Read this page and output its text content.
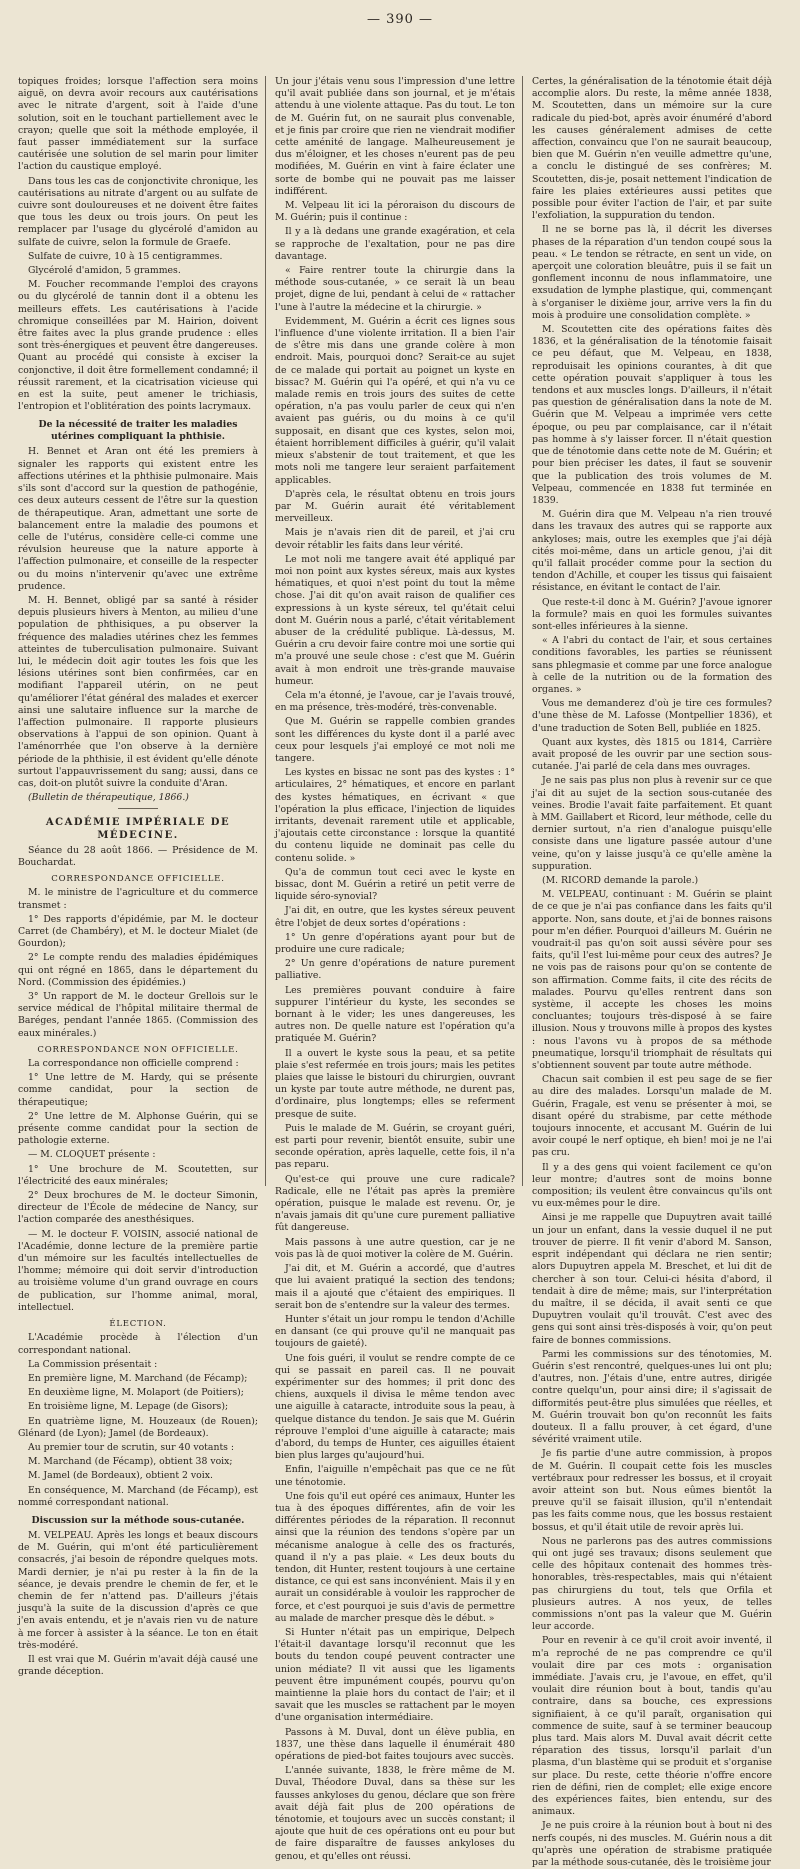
— 390 —

topiques froides; lorsque l'affection sera moins aiguë, on devra avoir recours aux cautérisations avec le nitrate d'argent, soit à l'aide d'une solution, soit en le touchant partiellement avec le crayon; quelle que soit la méthode employée, il faut passer immédiatement sur la surface cautérisée une solution de sel marin pour limiter l'action du caustique employé.

Dans tous les cas de conjonctivite chronique, les cautérisations au nitrate d'argent ou au sulfate de cuivre sont douloureuses et ne doivent être faites que tous les deux ou trois jours. On peut les remplacer par l'usage du glycérolé d'amidon au sulfate de cuivre, selon la formule de Graefe.

Sulfate de cuivre, 10 à 15 centigrammes.

Glycérolé d'amidon, 5 grammes.

M. Foucher recommande l'emploi des crayons ou du glycérolé de tannin dont il a obtenu les meilleurs effets. Les cautérisations à l'acide chromique conseillées par M. Hairion, doivent être faites avec la plus grande prudence : elles sont très-énergiques et peuvent être dangereuses. Quant au procédé qui consiste à exciser la conjonctive, il doit être formellement condamné; il réussit rarement, et la cicatrisation vicieuse qui en est la suite, peut amener le trichiasis, l'entropion et l'oblitération des points lacrymaux.

De la nécessité de traiter les maladies utérines compliquant la phthisie.

H. Bennet et Aran ont été les premiers à signaler les rapports qui existent entre les affections utérines et la phthisie pulmonaire. Mais s'ils sont d'accord sur la question de pathogénie, ces deux auteurs cessent de l'être sur la question de thérapeutique. Aran, admettant une sorte de balancement entre la maladie des poumons et celle de l'utérus, considère celle-ci comme une révulsion heureuse que la nature apporte à l'affection pulmonaire, et conseille de la respecter ou du moins n'intervenir qu'avec une extrême prudence.

M. H. Bennet, obligé par sa santé à résider depuis plusieurs hivers à Menton, au milieu d'une population de phthisiques, a pu observer la fréquence des maladies utérines chez les femmes atteintes de tuberculisation pulmonaire. Suivant lui, le médecin doit agir toutes les fois que les lésions utérines sont bien confirmées, car en modifiant l'appareil utérin, on ne peut qu'améliorer l'état général des malades et exercer ainsi une salutaire influence sur la marche de l'affection pulmonaire. Il rapporte plusieurs observations à l'appui de son opinion. Quant à l'aménorrhée que l'on observe à la dernière période de la phthisie, il est évident qu'elle dénote surtout l'appauvrissement du sang; aussi, dans ce cas, doit-on plutôt suivre la conduite d'Aran.

(Bulletin de thérapeutique, 1866.)

ACADÉMIE IMPÉRIALE DE MÉDECINE.

Séance du 28 août 1866. — Présidence de M. Bouchardat.

CORRESPONDANCE OFFICIELLE.

M. le ministre de l'agriculture et du commerce transmet :

1° Des rapports d'épidémie, par M. le docteur Carret (de Chambéry), et M. le docteur Mialet (de Gourdon);

2° Le compte rendu des maladies épidémiques qui ont régné en 1865, dans le département du Nord. (Commission des épidémies.)

3° Un rapport de M. le docteur Grellois sur le service médical de l'hôpital militaire thermal de Baréges, pendant l'année 1865. (Commission des eaux minérales.)

CORRESPONDANCE NON OFFICIELLE.

La correspondance non officielle comprend :

1° Une lettre de M. Hardy, qui se présente comme candidat, pour la section de thérapeutique;

2° Une lettre de M. Alphonse Guérin, qui se présente comme candidat pour la section de pathologie externe.

— M. CLOQUET présente :

1° Une brochure de M. Scoutetten, sur l'électricité des eaux minérales;

2° Deux brochures de M. le docteur Simonin, directeur de l'École de médecine de Nancy, sur l'action comparée des anesthésiques.

— M. le docteur F. VOISIN, associé national de l'Académie, donne lecture de la première partie d'un mémoire sur les facultés intellectuelles de l'homme; mémoire qui doit servir d'introduction au troisième volume d'un grand ouvrage en cours de publication, sur l'homme animal, moral, intellectuel.

ÉLECTION.

L'Académie procède à l'élection d'un correspondant national.

La Commission présentait :

En première ligne, M. Marchand (de Fécamp);

En deuxième ligne, M. Molaport (de Poitiers);

En troisième ligne, M. Lepage (de Gisors);

En quatrième ligne, M. Houzeaux (de Rouen); Glénard (de Lyon); Jamel (de Bordeaux).

Au premier tour de scrutin, sur 40 votants :

M. Marchand (de Fécamp), obtient 38 voix;

M. Jamel (de Bordeaux), obtient 2 voix.

En conséquence, M. Marchand (de Fécamp), est nommé correspondant national.

Discussion sur la méthode sous-cutanée.

M. VELPEAU. Après les longs et beaux discours de M. Guérin, qui m'ont été particulièrement consacrés, j'ai besoin de répondre quelques mots. Mardi dernier, je n'ai pu rester à la fin de la séance, je devais prendre le chemin de fer, et le chemin de fer n'attend pas. D'ailleurs j'étais jusqu'à la suite de la discussion d'après ce que j'en avais entendu, et je n'avais rien vu de nature à me forcer à assister à la séance. Le ton en était très-modéré.

Il est vrai que M. Guérin m'avait déjà causé une grande déception.

Un jour j'étais venu sous l'impression d'une lettre qu'il avait publiée dans son journal, et je m'étais attendu à une violente attaque. Pas du tout. Le ton de M. Guérin fut, on ne saurait plus convenable, et je finis par croire que rien ne viendrait modifier cette aménité de langage. Malheureusement je dus m'éloigner, et les choses n'eurent pas de peu modifiées, M. Guérin en vint à faire éclater une sorte de bombe qui ne pouvait pas me laisser indifférent.

M. Velpeau lit ici la péroraison du discours de M. Guérin; puis il continue :

Il y a là dedans une grande exagération, et cela se rapproche de l'exaltation, pour ne pas dire davantage.

« Faire rentrer toute la chirurgie dans la méthode sous-cutanée, » ce serait là un beau projet, digne de lui, pendant à celui de « rattacher l'une à l'autre la médecine et la chirurgie. »

Evidemment, M. Guérin a écrit ces lignes sous l'influence d'une violente irritation. Il a bien l'air de s'être mis dans une grande colère à mon endroit. Mais, pourquoi donc? Serait-ce au sujet de ce malade qui portait au poignet un kyste en bissac? M. Guérin qui l'a opéré, et qui n'a vu ce malade remis en trois jours des suites de cette opération, n'a pas voulu parler de ceux qui n'en avaient pas guéris, ou du moins à ce qu'il supposait, en disant que ces kystes, selon moi, étaient horriblement difficiles à guérir, qu'il valait mieux s'abstenir de tout traitement, et que les mots noli me tangere leur seraient parfaitement applicables.

D'après cela, le résultat obtenu en trois jours par M. Guérin aurait été véritablement merveilleux.

Mais je n'avais rien dit de pareil, et j'ai cru devoir rétablir les faits dans leur vérité.

Le mot noli me tangere avait été appliqué par moi non point aux kystes séreux, mais aux kystes hématiques, et quoi n'est point du tout la même chose. J'ai dit qu'on avait raison de qualifier ces expressions à un kyste séreux, tel qu'était celui dont M. Guérin nous a parlé, c'était véritablement abuser de la crédulité publique. Là-dessus, M. Guérin a cru devoir faire contre moi une sortie qui m'a prouvé une seule chose : c'est que M. Guérin avait à mon endroit une très-grande mauvaise humeur.

Cela m'a étonné, je l'avoue, car je l'avais trouvé, en ma présence, très-modéré, très-convenable.

Que M. Guérin se rappelle combien grandes sont les différences du kyste dont il a parlé avec ceux pour lesquels j'ai employé ce mot noli me tangere.

Les kystes en bissac ne sont pas des kystes : 1° articulaires, 2° hématiques, et encore en parlant des kystes hématiques, en écrivant « que l'opération la plus efficace, l'injection de liquides irritants, devenait rarement utile et applicable, j'ajoutais cette circonstance : lorsque la quantité du contenu liquide ne dominait pas celle du contenu solide. »

Qu'a de commun tout ceci avec le kyste en bissac, dont M. Guérin a retiré un petit verre de liquide séro-synovial?

J'ai dit, en outre, que les kystes séreux peuvent être l'objet de deux sortes d'opérations :

1° Un genre d'opérations ayant pour but de produire une cure radicale;

2° Un genre d'opérations de nature purement palliative.

Les premières pouvant conduire à faire suppurer l'intérieur du kyste, les secondes se bornant à le vider; les unes dangereuses, les autres non. De quelle nature est l'opération qu'a pratiquée M. Guérin?

Il a ouvert le kyste sous la peau, et sa petite plaie s'est refermée en trois jours; mais les petites plaies que laisse le bistouri du chirurgien, ouvrant un kyste par toute autre méthode, ne durent pas, d'ordinaire, plus longtemps; elles se referment presque de suite.

Puis le malade de M. Guérin, se croyant guéri, est parti pour revenir, bientôt ensuite, subir une seconde opération, après laquelle, cette fois, il n'a pas reparu.

Qu'est-ce qui prouve une cure radicale? Radicale, elle ne l'était pas après la première opération, puisque le malade est revenu. Or, je n'avais jamais dit qu'une cure purement palliative fût dangereuse.

Mais passons à une autre question, car je ne vois pas là de quoi motiver la colère de M. Guérin.

J'ai dit, et M. Guérin a accordé, que d'autres que lui avaient pratiqué la section des tendons; mais il a ajouté que c'étaient des empiriques. Il serait bon de s'entendre sur la valeur des termes.

Hunter s'était un jour rompu le tendon d'Achille en dansant (ce qui prouve qu'il ne manquait pas toujours de gaieté).

Une fois guéri, il voulut se rendre compte de ce qui se passait en pareil cas. Il ne pouvait expérimenter sur des hommes; il prit donc des chiens, auxquels il divisa le même tendon avec une aiguille à cataracte, introduite sous la peau, à quelque distance du tendon. Je sais que M. Guérin réprouve l'emploi d'une aiguille à cataracte; mais d'abord, du temps de Hunter, ces aiguilles étaient bien plus larges qu'aujourd'hui.

Enfin, l'aiguille n'empêchait pas que ce ne fût une ténotomie.

Une fois qu'il eut opéré ces animaux, Hunter les tua à des époques différentes, afin de voir les différentes périodes de la réparation. Il reconnut ainsi que la réunion des tendons s'opère par un mécanisme analogue à celle des os fracturés, quand il n'y a pas plaie. « Les deux bouts du tendon, dit Hunter, restent toujours à une certaine distance, ce qui est sans inconvénient. Mais il y en aurait un considérable à vouloir les rapprocher de force, et c'est pourquoi je suis d'avis de permettre au malade de marcher presque dès le début. »

Si Hunter n'était pas un empirique, Delpech l'était-il davantage lorsqu'il reconnut que les bouts du tendon coupé peuvent contracter une union médiate? Il vit aussi que les ligaments peuvent être impunément coupés, pourvu qu'on maintienne la plaie hors du contact de l'air; et il savait que les muscles se rattachent par le moyen d'une organisation intermédiaire.

Passons à M. Duval, dont un élève publia, en 1837, une thèse dans laquelle il énumérait 480 opérations de pied-bot faites toujours avec succès.

L'année suivante, 1838, le frère même de M. Duval, Théodore Duval, dans sa thèse sur les fausses ankyloses du genou, déclare que son frère avait déjà fait plus de 200 opérations de ténotomie, et toujours avec un succès constant; il ajoute que huit de ces opérations ont eu pour but de faire disparaître de fausses ankyloses du genou, et qu'elles ont réussi.

Certes, la généralisation de la ténotomie était déjà accomplie alors. Du reste, la même année 1838, M. Scoutetten, dans un mémoire sur la cure radicale du pied-bot, après avoir énuméré d'abord les causes généralement admises de cette affection, convaincu que l'on ne saurait beaucoup, bien que M. Guérin n'en veuille admettre qu'une, a conclu le distingué de ses confrères; M. Scoutetten, dis-je, posait nettement l'indication de faire les plaies extérieures aussi petites que possible pour éviter l'action de l'air, et par suite l'exfoliation, la suppuration du tendon.

Il ne se borne pas là, il décrit les diverses phases de la réparation d'un tendon coupé sous la peau. « Le tendon se rétracte, en sent un vide, on aperçoit une coloration bleuâtre, puis il se fait un gonflement inconnu de nous inflammatoire, une exsudation de lymphe plastique, qui, commençant à s'organiser le dixième jour, arrive vers la fin du mois à produire une consolidation complète. »

M. Scoutetten cite des opérations faites dès 1836, et la généralisation de la ténotomie faisait ce peu défaut, que M. Velpeau, en 1838, reproduisait les opinions courantes, à dit que cette opération pouvait s'appliquer à tous les tendons et aux muscles longs. D'ailleurs, il n'était pas question de généralisation dans la note de M. Guérin que M. Velpeau a imprimée vers cette époque, ou peu par complaisance, car il n'était pas homme à s'y laisser forcer. Il n'était question que de ténotomie dans cette note de M. Guérin; et pour bien préciser les dates, il faut se souvenir que la publication des trois volumes de M. Velpeau, commencée en 1838 fut terminée en 1839.

M. Guérin dira que M. Velpeau n'a rien trouvé dans les travaux des autres qui se rapporte aux ankyloses; mais, outre les exemples que j'ai déjà cités moi-même, dans un article genou, j'ai dit qu'il fallait procéder comme pour la section du tendon d'Achille, et couper les tissus qui faisaient résistance, en évitant le contact de l'air.

Que reste-t-il donc à M. Guérin? J'avoue ignorer la formule? mais en quoi les formules suivantes sont-elles inférieures à la sienne.

« A l'abri du contact de l'air, et sous certaines conditions favorables, les parties se réunissent sans phlegmasie et comme par une force analogue à celle de la nutrition ou de la formation des organes. »

Vous me demanderez d'où je tire ces formules? d'une thèse de M. Lafosse (Montpellier 1836), et d'une traduction de Soten Bell, publiée en 1825.

Quant aux kystes, dès 1815 ou 1814, Carrière avait proposé de les ouvrir par une section sous-cutanée. J'ai parlé de cela dans mes ouvrages.

Je ne sais pas plus non plus à revenir sur ce que j'ai dit au sujet de la section sous-cutanée des veines. Brodie l'avait faite parfaitement. Et quant à MM. Gaillabert et Ricord, leur méthode, celle du dernier surtout, n'a rien d'analogue puisqu'elle consiste dans une ligature passée autour d'une veine, qu'on y laisse jusqu'à ce qu'elle amène la suppuration.

(M. RICORD demande la parole.)

M. VELPEAU, continuant : M. Guérin se plaint de ce que je n'ai pas confiance dans les faits qu'il apporte. Non, sans doute, et j'ai de bonnes raisons pour m'en défier. Pourquoi d'ailleurs M. Guérin ne voudrait-il pas qu'on soit aussi sévère pour ses faits, qu'il l'est lui-même pour ceux des autres? Je ne vois pas de raisons pour qu'on se contente de son affirmation. Comme faits, il cite des récits de malades. Pourvu qu'elles rentrent dans son système, il accepte les choses les moins concluantes; toujours très-disposé à se faire illusion. Nous y trouvons mille à propos des kystes : nous l'avons vu à propos de sa méthode pneumatique, lorsqu'il triomphait de résultats qui s'obtiennent souvent par toute autre méthode.

Chacun sait combien il est peu sage de se fier au dire des malades. Lorsqu'un malade de M. Guérin, Fragale, est venu se présenter à moi, se disant opéré du strabisme, par cette méthode toujours innocente, et accusant M. Guérin de lui avoir coupé le nerf optique, eh bien! moi je ne l'ai pas cru.

Il y a des gens qui voient facilement ce qu'on leur montre; d'autres sont de moins bonne composition; ils veulent être convaincus qu'ils ont vu eux-mêmes pour le dire.

Ainsi je me rappelle que Dupuytren avait taillé un jour un enfant, dans la vessie duquel il ne put trouver de pierre. Il fit venir d'abord M. Sanson, esprit indépendant qui déclara ne rien sentir; alors Dupuytren appela M. Breschet, et lui dit de chercher à son tour. Celui-ci hésita d'abord, il tendait à dire de même; mais, sur l'interprétation du maître, il se décida, il avait senti ce que Dupuytren voulait qu'il trouvât. C'est avec des gens qui sont ainsi très-disposés à voir, qu'on peut faire de bonnes commissions.

Parmi les commissions sur des ténotomies, M. Guérin s'est rencontré, quelques-unes lui ont plu; d'autres, non. J'étais d'une, entre autres, dirigée contre quelqu'un, pour ainsi dire; il s'agissait de difformités peut-être plus simulées que réelles, et M. Guérin trouvait bon qu'on reconnût les faits douteux. Il a fallu prouver, à cet égard, d'une sévérité vraiment utile.

Je fis partie d'une autre commission, à propos de M. Guérin. Il coupait cette fois les muscles vertébraux pour redresser les bossus, et il croyait avoir atteint son but. Nous eûmes bientôt la preuve qu'il se faisait illusion, qu'il n'entendait pas les faits comme nous, que les bossus restaient bossus, et qu'il était utile de revoir après lui.

Nous ne parlerons pas des autres commissions qui ont jugé ses travaux; disons seulement que celle des hôpitaux contenait des hommes très-honorables, très-respectables, mais qui n'étaient pas chirurgiens du tout, tels que Orfila et plusieurs autres. A nos yeux, de telles commissions n'ont pas la valeur que M. Guérin leur accorde.

Pour en revenir à ce qu'il croit avoir inventé, il m'a reproché de ne pas comprendre ce qu'il voulait dire par ces mots : organisation immédiate. J'avais cru, je l'avoue, en effet, qu'il voulait dire réunion bout à bout, tandis qu'au contraire, dans sa bouche, ces expressions signifiaient, à ce qu'il paraît, organisation qui commence de suite, sauf à se terminer beaucoup plus tard. Mais alors M. Duval avait décrit cette réparation des tissus, lorsqu'il parlait d'un plasma, d'un blastème qui se produit et s'organise sur place. Du reste, cette théorie n'offre encore rien de défini, rien de complet; elle exige encore des expériences faites, bien entendu, sur des animaux.

Je ne puis croire à la réunion bout à bout ni des nerfs coupés, ni des muscles. M. Guérin nous a dit qu'après une opération de strabisme pratiquée par la méthode sous-cutanée, dès le troisième jour
